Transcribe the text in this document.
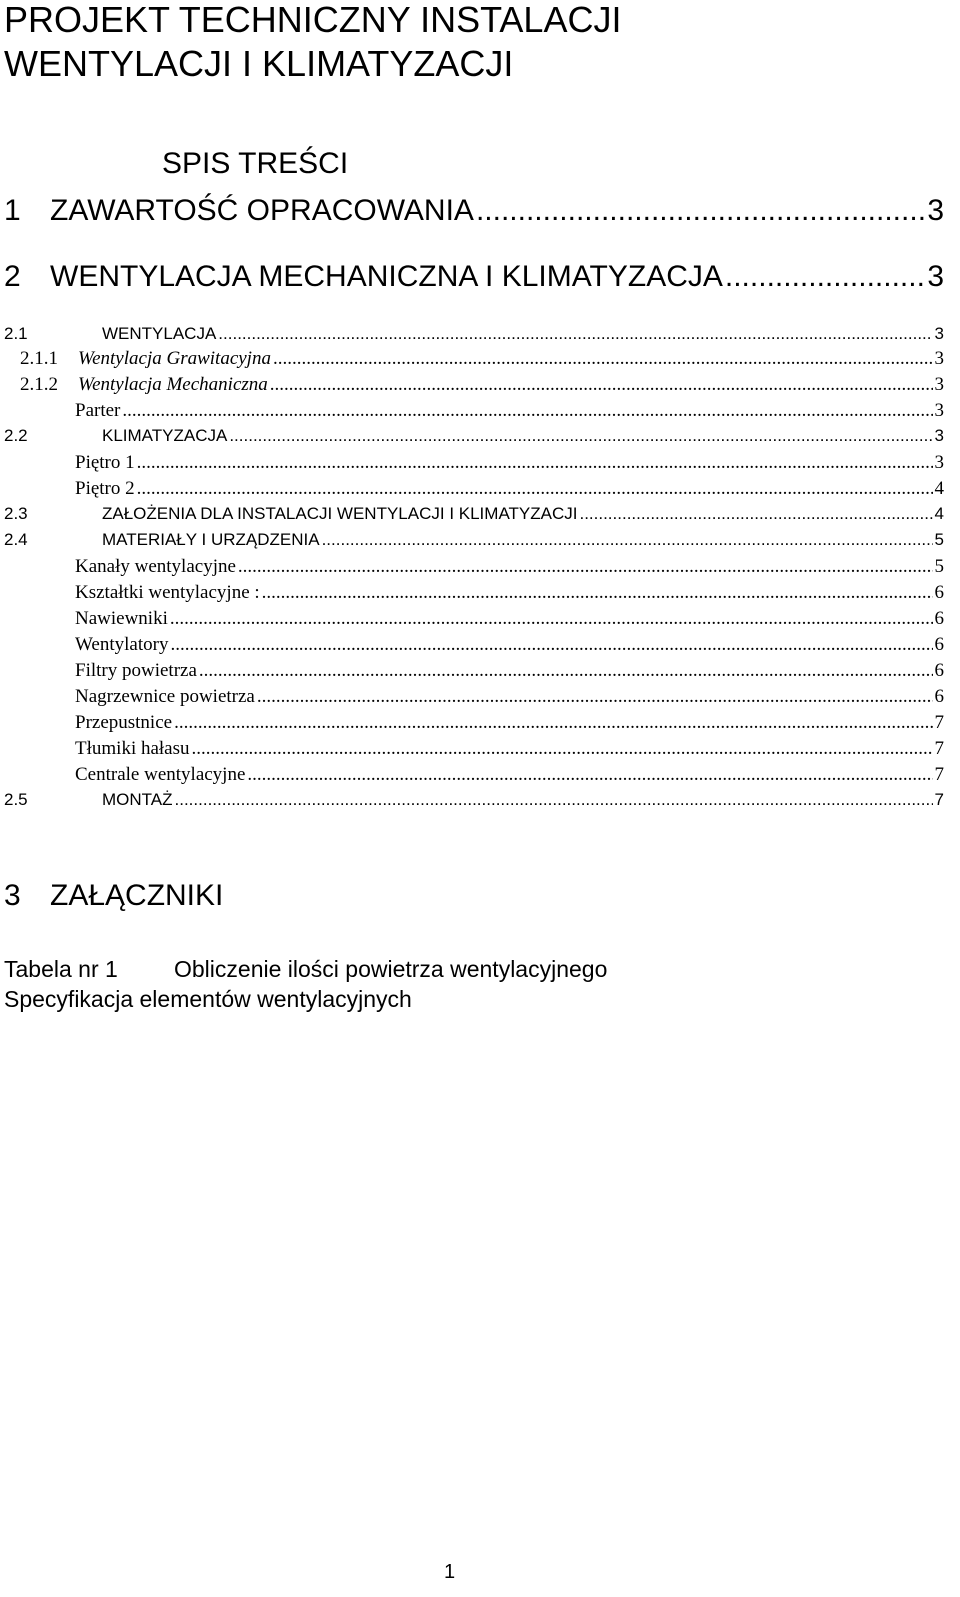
PROJEKT TECHNICZNY INSTALACJI
WENTYLACJI I KLIMATYZACJI
SPIS TREŚCI
1 ZAWARTOŚĆ OPRACOWANIA .....	3
2 WENTYLACJA MECHANICZNA I KLIMATYZACJA .....	3
2.1	WENTYLACJA .....	3
2.1.1	Wentylacja Grawitacyjna .....	3
2.1.2	Wentylacja Mechaniczna .....	3
Parter .....	3
2.2	KLIMATYZACJA .....	3
Piętro 1 .....	3
Piętro 2 .....	4
2.3	ZAŁOŻENIA DLA INSTALACJI WENTYLACJI I KLIMATYZACJI .....	4
2.4	MATERIAŁY I URZĄDZENIA .....	5
Kanały wentylacyjne .....	5
Kształtki wentylacyjne : .....	6
Nawiewniki .....	6
Wentylatory .....	6
Filtry powietrza .....	6
Nagrzewnice powietrza .....	6
Przepustnice .....	7
Tłumiki hałasu .....	7
Centrale wentylacyjne .....	7
2.5	MONTAŻ .....	7
3 ZAŁĄCZNIKI
Tabela nr 1 Obliczenie ilości powietrza wentylacyjnego
Specyfikacja elementów wentylacyjnych
1
